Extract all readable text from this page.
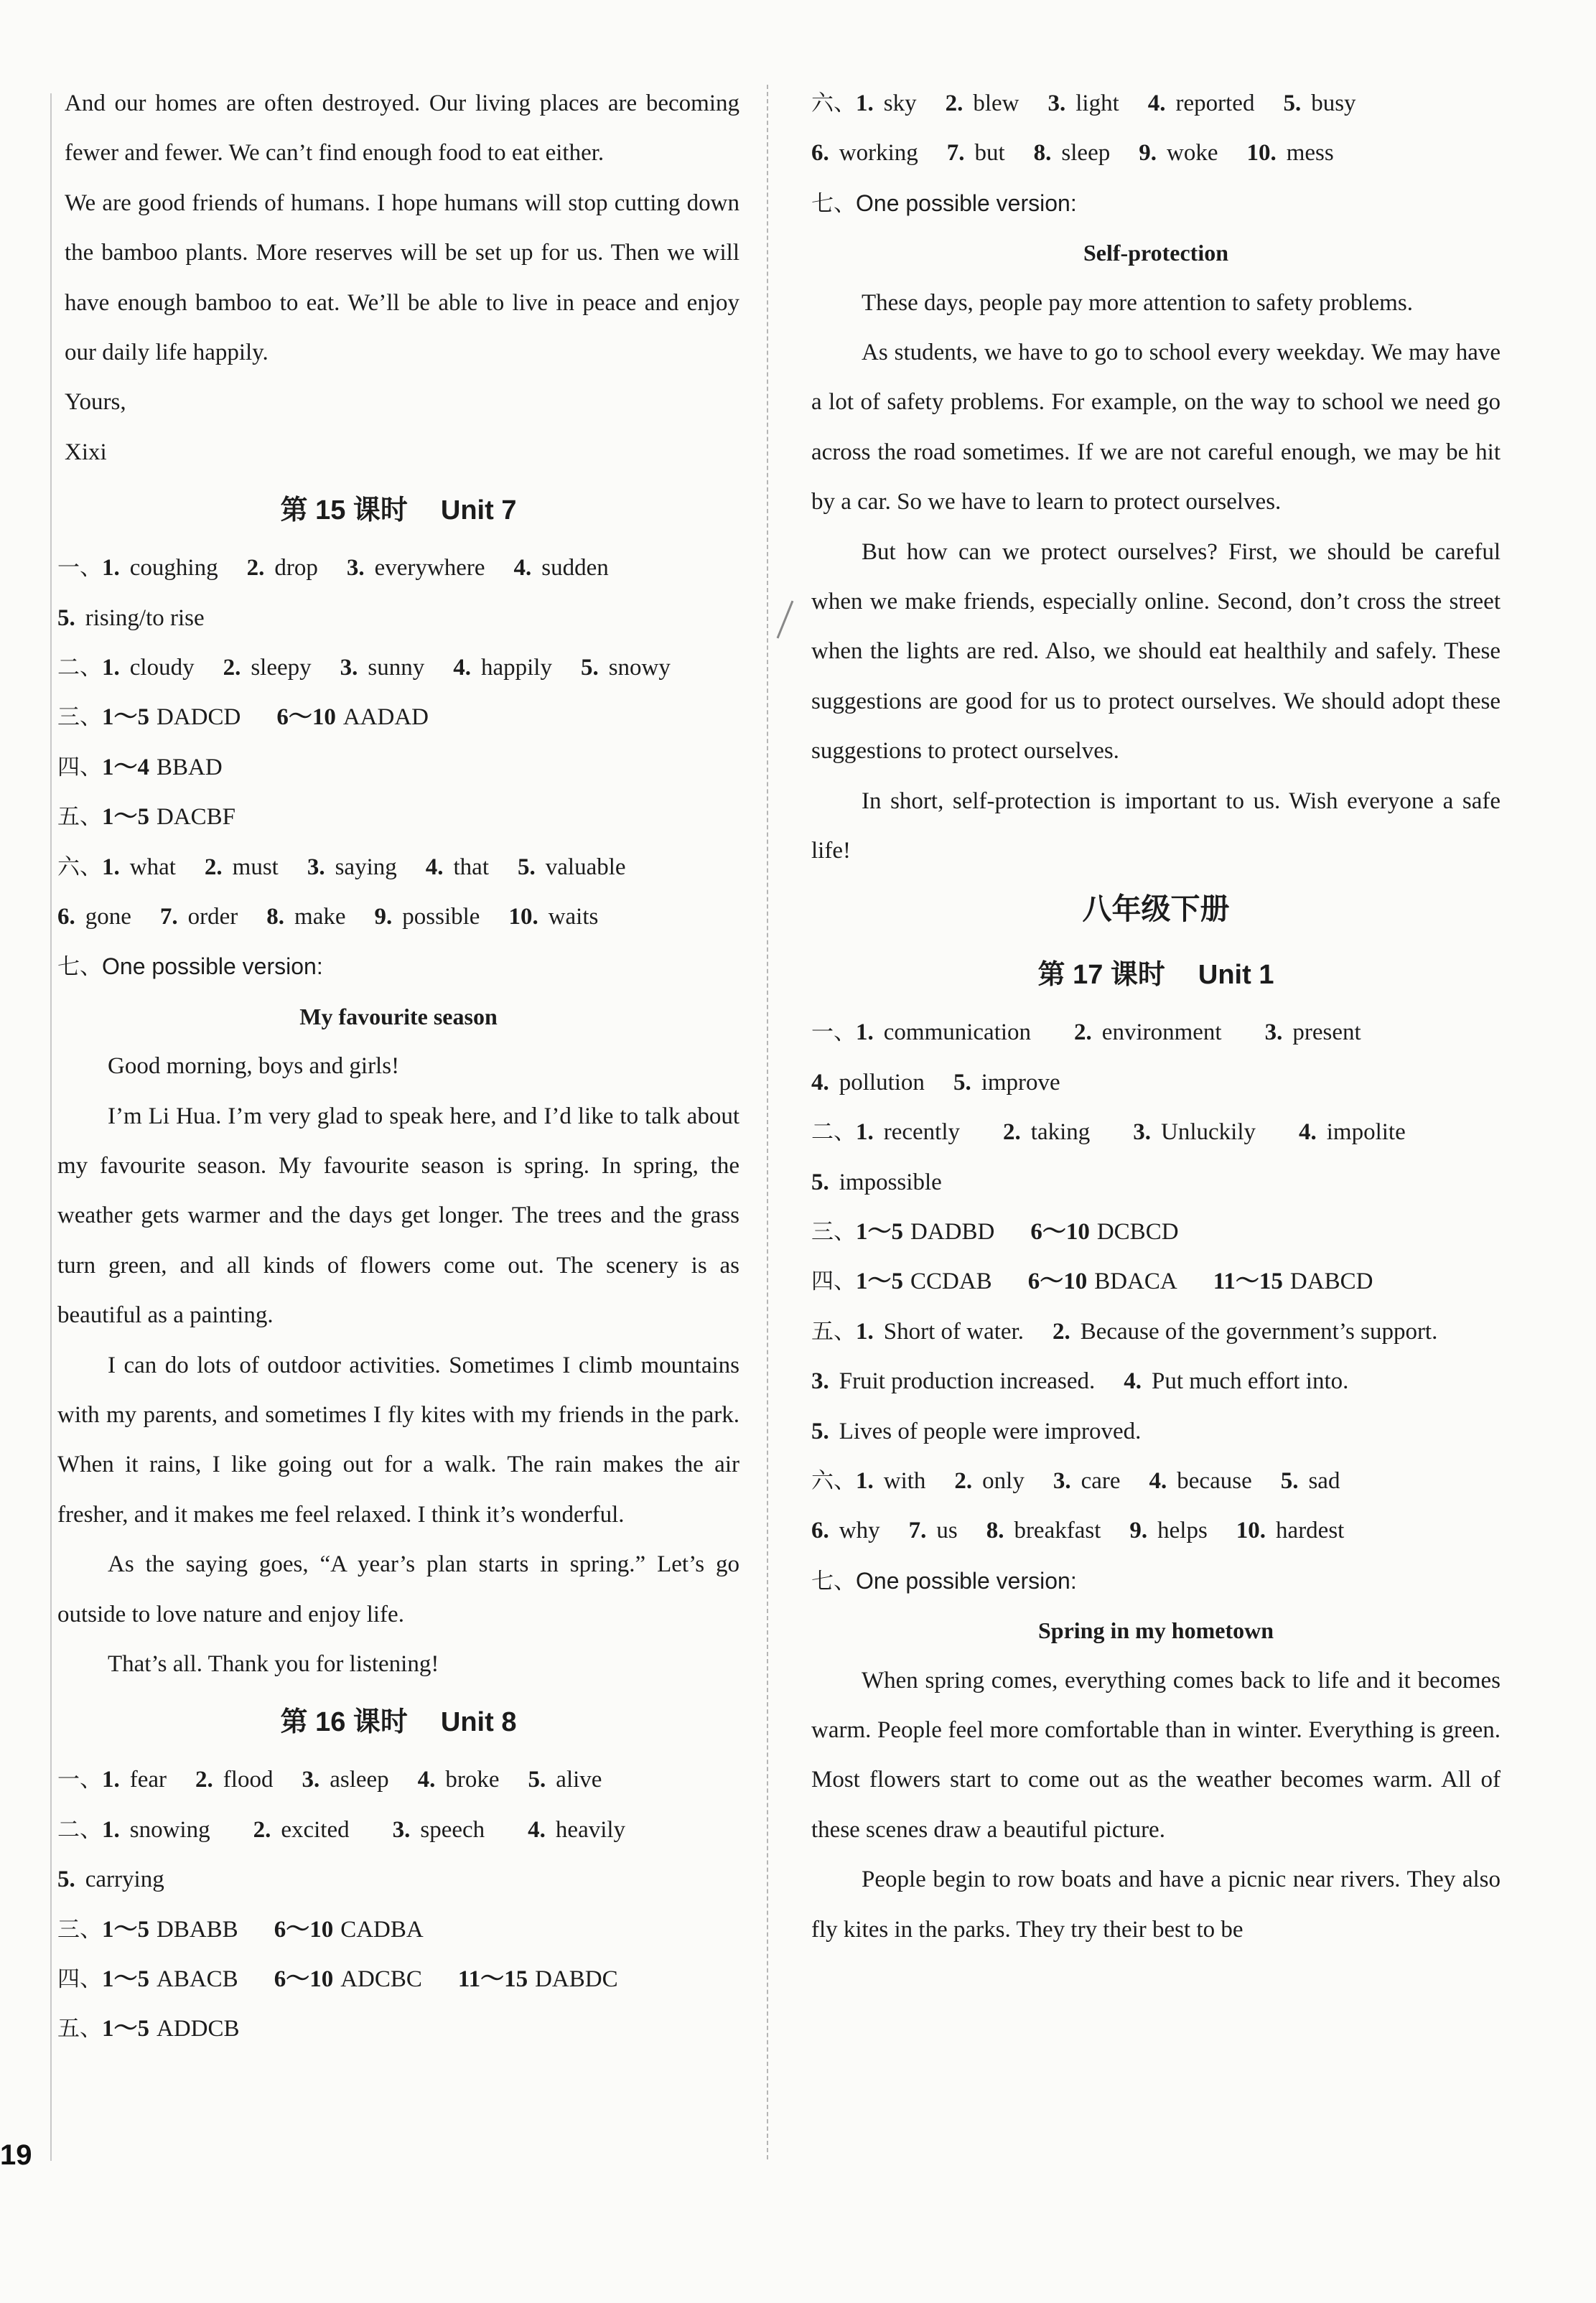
And our homes are often destroyed. Our living places are becoming fewer and fewer. We can’t find enough food to eat either.
We are good friends of humans. I hope humans will stop cutting down the bamboo plants. More reserves will be set up for us. Then we will have enough bamboo to eat. We’ll be able to live in peace and enjoy our daily life happily.
Yours,
Xixi
第 15 课时 Unit 7
一、1. coughing 2. drop 3. everywhere 4. sudden
5. rising/to rise
二、1. cloudy 2. sleepy 3. sunny 4. happily 5. snowy
三、1～5 DADCD 6～10 AADAD
四、1～4 BBAD
五、1～5 DACBF
六、1. what 2. must 3. saying 4. that 5. valuable
6. gone 7. order 8. make 9. possible 10. waits
七、One possible version:
My favourite season
Good morning, boys and girls!
I’m Li Hua. I’m very glad to speak here, and I’d like to talk about my favourite season. My favourite season is spring. In spring, the weather gets warmer and the days get longer. The trees and the grass turn green, and all kinds of flowers come out. The scenery is as beautiful as a painting.
I can do lots of outdoor activities. Sometimes I climb mountains with my parents, and sometimes I fly kites with my friends in the park. When it rains, I like going out for a walk. The rain makes the air fresher, and it makes me feel relaxed. I think it’s wonderful.
As the saying goes, “A year’s plan starts in spring.” Let’s go outside to love nature and enjoy life.
That’s all. Thank you for listening!
第 16 课时 Unit 8
一、1. fear 2. flood 3. asleep 4. broke 5. alive
二、1. snowing 2. excited 3. speech 4. heavily
5. carrying
三、1～5 DBABB 6～10 CADBA
四、1～5 ABACB 6～10 ADCBC 11～15 DABDC
五、1～5 ADDCB
六、1. sky 2. blew 3. light 4. reported 5. busy
6. working 7. but 8. sleep 9. woke 10. mess
七、One possible version:
Self-protection
These days, people pay more attention to safety problems.
As students, we have to go to school every weekday. We may have a lot of safety problems. For example, on the way to school we need go across the road sometimes. If we are not careful enough, we may be hit by a car. So we have to learn to protect ourselves.
But how can we protect ourselves? First, we should be careful when we make friends, especially online. Second, don’t cross the street when the lights are red. Also, we should eat healthily and safely. These suggestions are good for us to protect ourselves. We should adopt these suggestions to protect ourselves.
In short, self-protection is important to us. Wish everyone a safe life!
八年级下册
第 17 课时 Unit 1
一、1. communication 2. environment 3. present
4. pollution 5. improve
二、1. recently 2. taking 3. Unluckily 4. impolite
5. impossible
三、1～5 DADBD 6～10 DCBCD
四、1～5 CCDAB 6～10 BDACA 11～15 DABCD
五、1. Short of water. 2. Because of the government’s support.
3. Fruit production increased. 4. Put much effort into.
5. Lives of people were improved.
六、1. with 2. only 3. care 4. because 5. sad
6. why 7. us 8. breakfast 9. helps 10. hardest
七、One possible version:
Spring in my hometown
When spring comes, everything comes back to life and it becomes warm. People feel more comfortable than in winter. Everything is green. Most flowers start to come out as the weather becomes warm. All of these scenes draw a beautiful picture.
People begin to row boats and have a picnic near rivers. They also fly kites in the parks. They try their best to be
19
